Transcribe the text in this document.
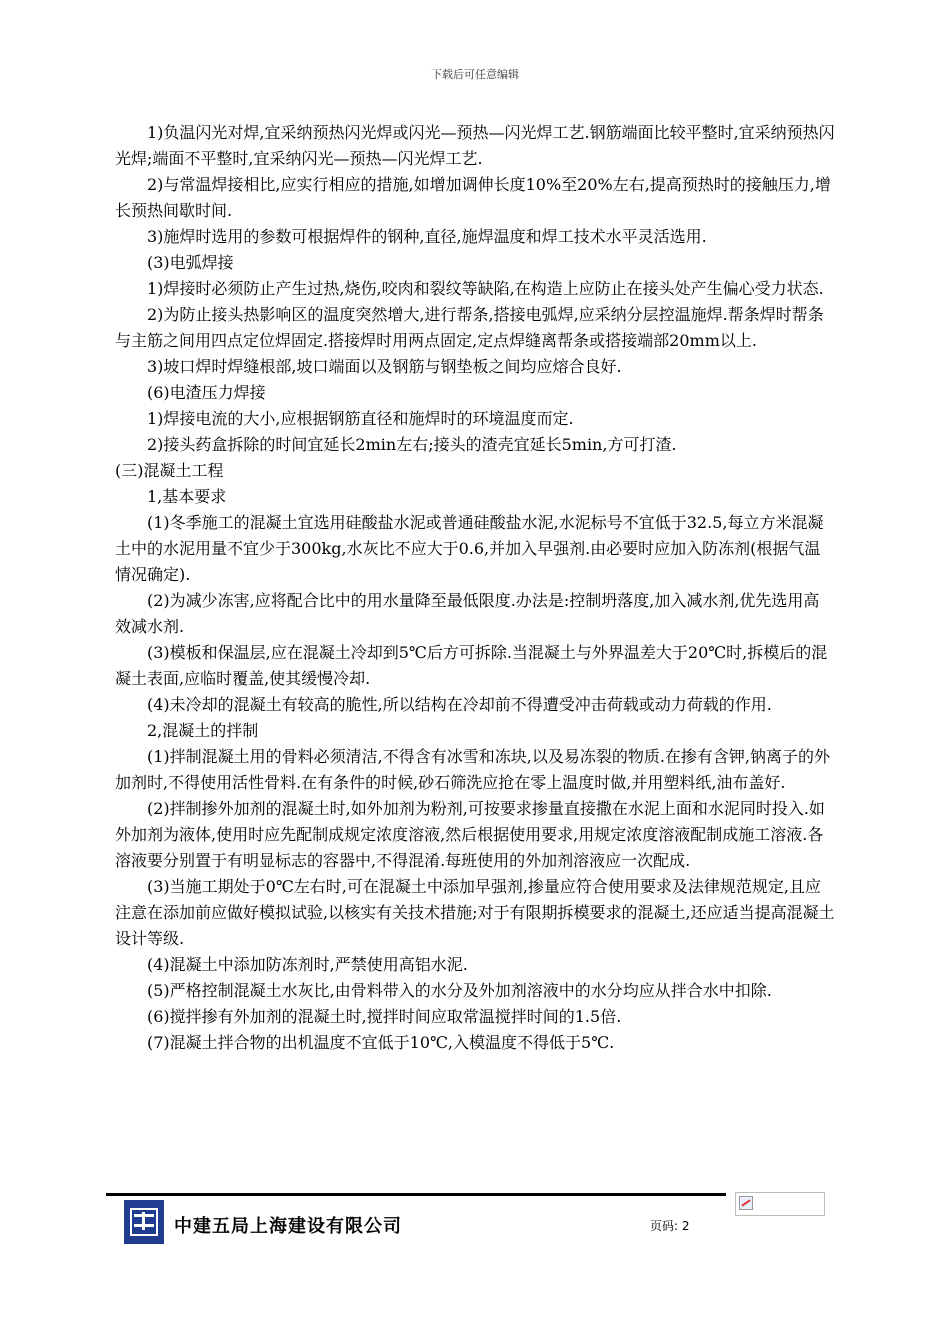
下载后可任意编辑

1)负温闪光对焊,宜采纳预热闪光焊或闪光—预热—闪光焊工艺.钢筋端面比较平整时,宜采纳预热闪光焊;端面不平整时,宜采纳闪光—预热—闪光焊工艺.

2)与常温焊接相比,应实行相应的措施,如增加调伸长度10%至20%左右,提高预热时的接触压力,增长预热间歇时间.

3)施焊时选用的参数可根据焊件的钢种,直径,施焊温度和焊工技术水平灵活选用.

(3)电弧焊接

1)焊接时必须防止产生过热,烧伤,咬肉和裂纹等缺陷,在构造上应防止在接头处产生偏心受力状态.

2)为防止接头热影响区的温度突然增大,进行帮条,搭接电弧焊,应采纳分层控温施焊.帮条焊时帮条与主筋之间用四点定位焊固定.搭接焊时用两点固定,定点焊缝离帮条或搭接端部20mm以上.

3)坡口焊时焊缝根部,坡口端面以及钢筋与钢垫板之间均应熔合良好.

(6)电渣压力焊接

1)焊接电流的大小,应根据钢筋直径和施焊时的环境温度而定.

2)接头药盒拆除的时间宜延长2min左右;接头的渣壳宜延长5min,方可打渣.

(三)混凝土工程

1,基本要求

(1)冬季施工的混凝土宜选用硅酸盐水泥或普通硅酸盐水泥,水泥标号不宜低于32.5,每立方米混凝土中的水泥用量不宜少于300kg,水灰比不应大于0.6,并加入早强剂.由必要时应加入防冻剂(根据气温情况确定).

(2)为减少冻害,应将配合比中的用水量降至最低限度.办法是:控制坍落度,加入减水剂,优先选用高效减水剂.

(3)模板和保温层,应在混凝土冷却到5℃后方可拆除.当混凝土与外界温差大于20℃时,拆模后的混凝土表面,应临时覆盖,使其缓慢冷却.

(4)未冷却的混凝土有较高的脆性,所以结构在冷却前不得遭受冲击荷载或动力荷载的作用.

2,混凝土的拌制

(1)拌制混凝土用的骨料必须清洁,不得含有冰雪和冻块,以及易冻裂的物质.在掺有含钾,钠离子的外加剂时,不得使用活性骨料.在有条件的时候,砂石筛洗应抢在零上温度时做,并用塑料纸,油布盖好.

(2)拌制掺外加剂的混凝土时,如外加剂为粉剂,可按要求掺量直接撒在水泥上面和水泥同时投入.如外加剂为液体,使用时应先配制成规定浓度溶液,然后根据使用要求,用规定浓度溶液配制成施工溶液.各溶液要分别置于有明显标志的容器中,不得混淆.每班使用的外加剂溶液应一次配成.

(3)当施工期处于0℃左右时,可在混凝土中添加早强剂,掺量应符合使用要求及法律规范规定,且应注意在添加前应做好模拟试验,以核实有关技术措施;对于有限期拆模要求的混凝土,还应适当提高混凝土设计等级.

(4)混凝土中添加防冻剂时,严禁使用高铝水泥.

(5)严格控制混凝土水灰比,由骨料带入的水分及外加剂溶液中的水分均应从拌合水中扣除.

(6)搅拌掺有外加剂的混凝土时,搅拌时间应取常温搅拌时间的1.5倍.

(7)混凝土拌合物的出机温度不宜低于10℃,入模温度不得低于5℃.

中建五局上海建设有限公司	页码: 2
